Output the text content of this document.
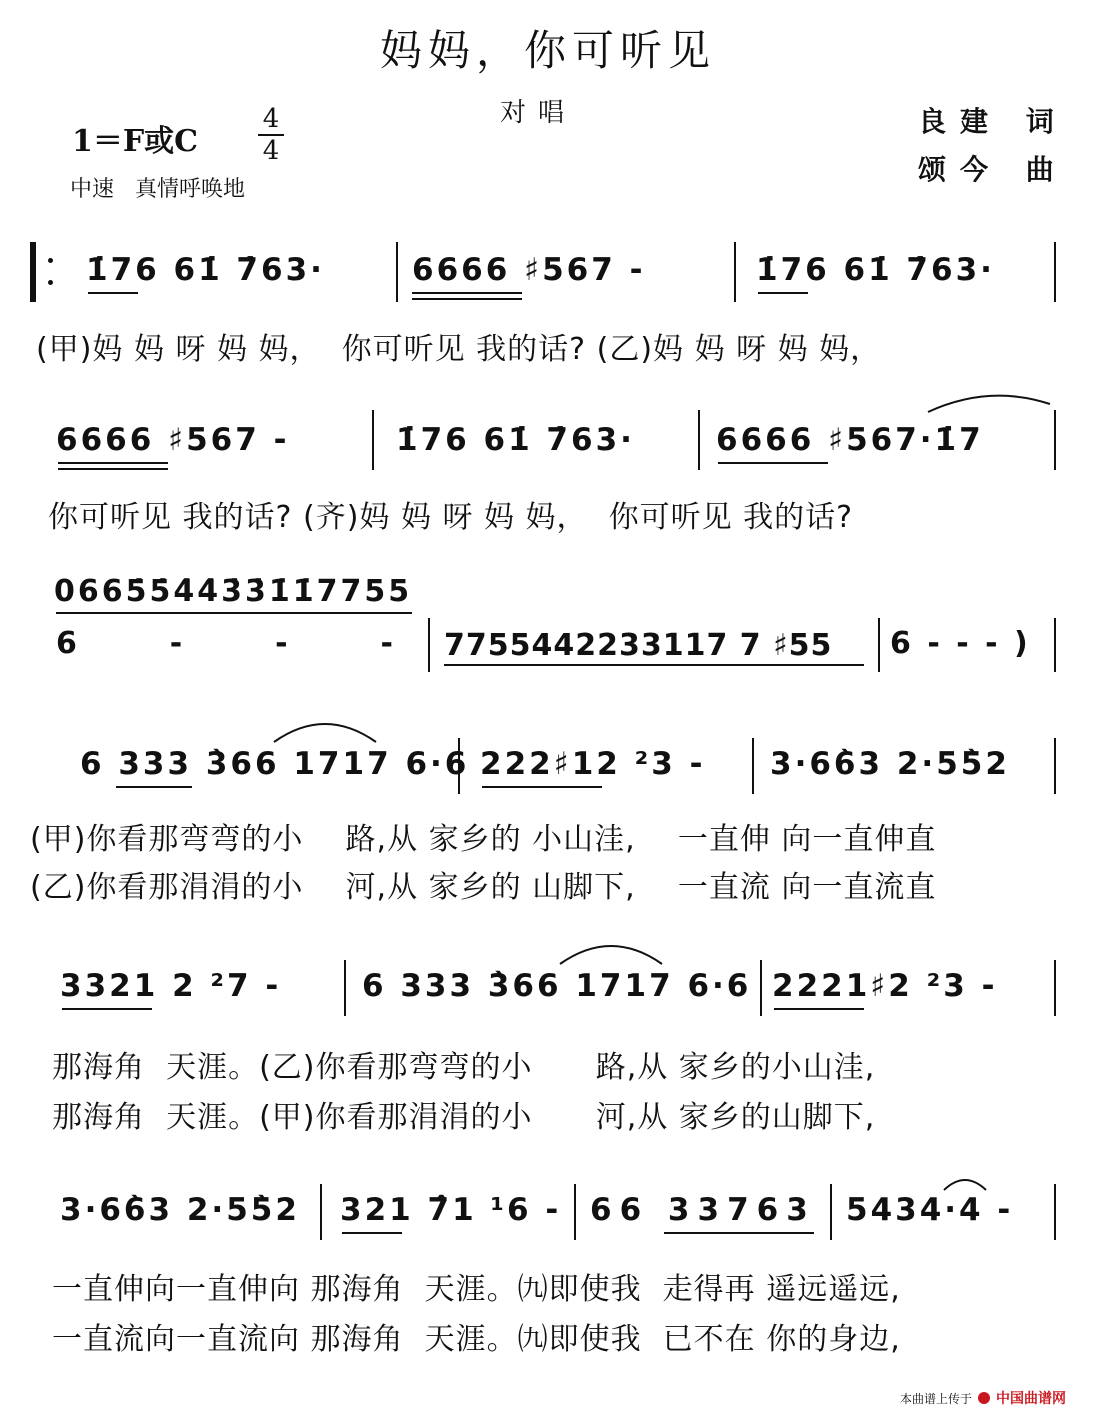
妈妈，你可听见
对唱
1＝F或C
4
4
中速 真情呼唤地
良建 词
颂今 曲
1̇76 61̇ 7̇63·	6666 ♯567 -	1̇76 61̇ 7̇63·
(甲)妈 妈 呀 妈 妈，  你可听见 我的话? (乙)妈 妈 呀 妈 妈，
6666 ♯567 -	1̇76 61̇ 7̇63·	6666 ♯567·1̇7
你可听见 我的话? (齐)妈 妈 呀 妈 妈，  你可听见 我的话?
0665̇5̇4̇4̇3̇3̇1̇1̇7755
6  -  -  - 7755442233117 7 ♯55 6 - - - )
6 333 3̀66 1717 6·6 222♯12 ²3 - 3·66̀3 2·55̀2
(甲)你看那弯弯的小    路,从 家乡的 小山洼,    一直伸 向一直伸直
(乙)你看那涓涓的小    河,从 家乡的 山脚下,    一直流 向一直流直
3321 2 ²7 -	6 333 3̀66 1717 6·6 2221♯2 ²3 -
那海角  天涯。(乙)你看那弯弯的小      路,从 家乡的小山洼,
那海角  天涯。(甲)你看那涓涓的小      河,从 家乡的山脚下,
3·66̀3 2·55̀2 321 7̂1 ¹6 - 66 33763 5434·4 -
一直伸向一直伸向 那海角  天涯。㈨即使我  走得再 遥远遥远,
一直流向一直流向 那海角  天涯。㈨即使我  已不在 你的身边,
本曲谱上传于 中国曲谱网
